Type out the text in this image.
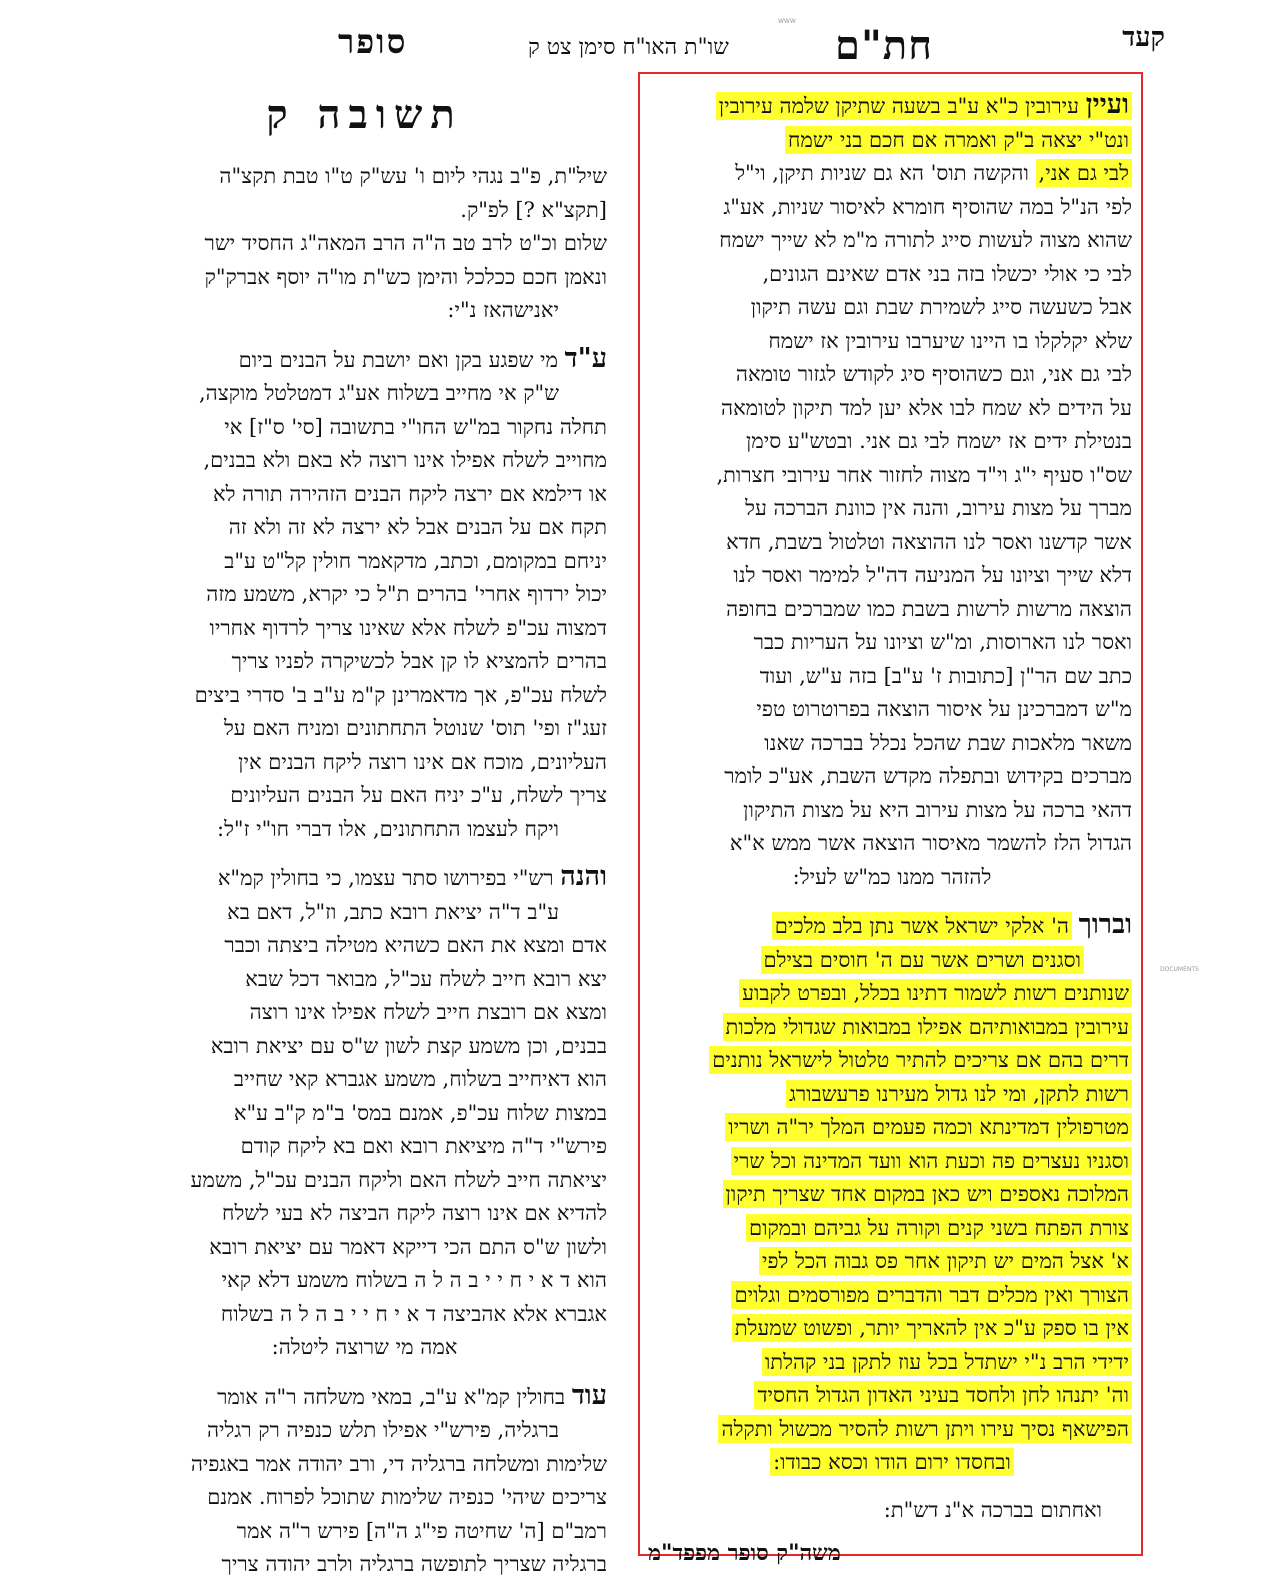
קעד
חת"ם
שו"ת האו"ח סימן צט ק
סופר
WWW
DOCUMENTS
ועיין עירובין כ"א ע"ב בשעה שתיקן שלמה עירובין
ונט"י יצאה ב"ק ואמרה אם חכם בני ישמח
לבי גם אני, והקשה תוס' הא גם שניות תיקן, וי"ל
לפי הנ"ל במה שהוסיף חומרא לאיסור שניות, אע"ג
שהוא מצוה לעשות סייג לתורה מ"מ לא שייך ישמח
לבי כי אולי יכשלו בזה בני אדם שאינם הגונים,
אבל כשעשה סייג לשמירת שבת וגם עשה תיקון
שלא יקלקלו בו היינו שיערבו עירובין אז ישמח
לבי גם אני, וגם כשהוסיף סיג לקודש לגזור טומאה
על הידים לא שמח לבו אלא יען למד תיקון לטומאה
בנטילת ידים אז ישמח לבי גם אני. ובטש"ע סימן
שס"ו סעיף י"ג וי"ד מצוה לחזור אחר עירובי חצרות,
מברך על מצות עירוב, והנה אין כוונת הברכה על
אשר קדשנו ואסר לנו ההוצאה וטלטול בשבת, חדא
דלא שייך וציונו על המניעה דה"ל למימר ואסר לנו
הוצאה מרשות לרשות בשבת כמו שמברכים בחופה
ואסר לנו הארוסות, ומ"ש וציונו על העריות כבר
כתב שם הר"ן [כתובות ז' ע"ב] בזה ע"ש, ועוד
מ"ש דמברכינן על איסור הוצאה בפרוטרוט טפי
משאר מלאכות שבת שהכל נכלל בברכה שאנו
מברכים בקידוש ובתפלה מקדש השבת, אע"כ לומר
דהאי ברכה על מצות עירוב היא על מצות התיקון
הגדול הלז להשמר מאיסור הוצאה אשר ממש א"א
להזהר ממנו כמ"ש לעיל:
וברוך ה' אלקי ישראל אשר נתן בלב מלכים
וסגנים ושרים אשר עם ה' חוסים בצילם
שנותנים רשות לשמור דתינו בכלל, ובפרט לקבוע
עירובין במבואותיהם אפילו במבואות שגדולי מלכות
דרים בהם אם צריכים להתיר טלטול לישראל נותנים
רשות לתקן, ומי לנו גדול מעירנו פרעשבורג
מטרפולין דמדינתא וכמה פעמים המלך יר"ה ושריו
וסגניו נעצרים פה וכעת הוא וועד המדינה וכל שרי
המלוכה נאספים ויש כאן במקום אחד שצריך תיקון
צורת הפתח בשני קנים וקורה על גביהם ובמקום
א' אצל המים יש תיקון אחר פס גבוה הכל לפי
הצורך ואין מכלים דבר והדברים מפורסמים וגלוים
אין בו ספק ע"כ אין להאריך יותר, ופשוט שמעלת
ידידי הרב נ"י ישתדל בכל עוז לתקן בני קהלתו
וה' יתנהו לחן ולחסד בעיני האדון הגדול החסיד
הפישאף נסיך עירו ויתן רשות להסיר מכשול ותקלה
ובחסדו ירום הודו וכסא כבודו:
ואחתום בברכה א"נ דש"ת:
תשובה ק
שיל"ת, פ"ב נגהי ליום ו' עש"ק ט"ו טבת תקצ"ה
[תקצ"א ?] לפ"ק.
שלום וכ"ט לרב טב ה"ה הרב המאה"ג החסיד ישר
ונאמן חכם ככלכל והימן כש"ת מו"ה יוסף אברק"ק
יאנישהאז נ"י:
ע"ד מי שפגע בקן ואם יושבת על הבנים ביום
ש"ק אי מחייב בשלוח אע"ג דמטלטל מוקצה,
תחלה נחקור במ"ש החו"י בתשובה [סי' ס"ז] אי
מחוייב לשלח אפילו אינו רוצה לא באם ולא בבנים,
או דילמא אם ירצה ליקח הבנים הזהירה תורה לא
תקח אם על הבנים אבל לא ירצה לא זה ולא זה
יניחם במקומם, וכתב, מדקאמר חולין קל"ט ע"ב
יכול ירדוף אחרי' בהרים ת"ל כי יקרא, משמע מזה
דמצוה עכ"פ לשלח אלא שאינו צריך לרדוף אחריו
בהרים להמציא לו קן אבל לכשיקרה לפניו צריך
לשלח עכ"פ, אך מדאמרינן ק"מ ע"ב ב' סדרי ביצים
זעג"ז ופי' תוס' שנוטל התחתונים ומניח האם על
העליונים, מוכח אם אינו רוצה ליקח הבנים אין
צריך לשלח, ע"כ יניח האם על הבנים העליונים
ויקח לעצמו התחתונים, אלו דברי חו"י ז"ל:
והנה רש"י בפירושו סתר עצמו, כי בחולין קמ"א
ע"ב ד"ה יציאת רובא כתב, וז"ל, דאם בא
אדם ומצא את האם כשהיא מטילה ביצתה וכבר
יצא רובא חייב לשלח עכ"ל, מבואר דכל שבא
ומצא אם רובצת חייב לשלח אפילו אינו רוצה
בבנים, וכן משמע קצת לשון ש"ס עם יציאת רובא
הוא דאיחייב בשלוח, משמע אגברא קאי שחייב
במצות שלוח עכ"פ, אמנם במס' ב"מ ק"ב ע"א
פירש"י ד"ה מיציאת רובא ואם בא ליקח קודם
יציאתה חייב לשלח האם וליקח הבנים עכ"ל, משמע
להדיא אם אינו רוצה ליקח הביצה לא בעי לשלח
ולשון ש"ס התם הכי דייקא דאמר עם יציאת רובא
הוא ד א י ח י י ב ה ל ה בשלוח משמע דלא קאי
אגברא אלא אהביצה ד א י ח י י ב ה ל ה בשלוח
אמה מי שרוצה ליטלה:
עוד בחולין קמ"א ע"ב, במאי משלחה ר"ה אומר
ברגליה, פירש"י אפילו תלש כנפיה רק רגליה
שלימות ומשלחה ברגליה די, ורב יהודה אמר באגפיה
צריכים שיהי' כנפיה שלימות שתוכל לפרוח. אמנם
רמב"ם [ה' שחיטה פי"ג ה"ה] פירש ר"ה אמר
ברגליה שצריך לתופשה ברגליה ולרב יהודה צריך משה"ק סופר מפפד"מ
